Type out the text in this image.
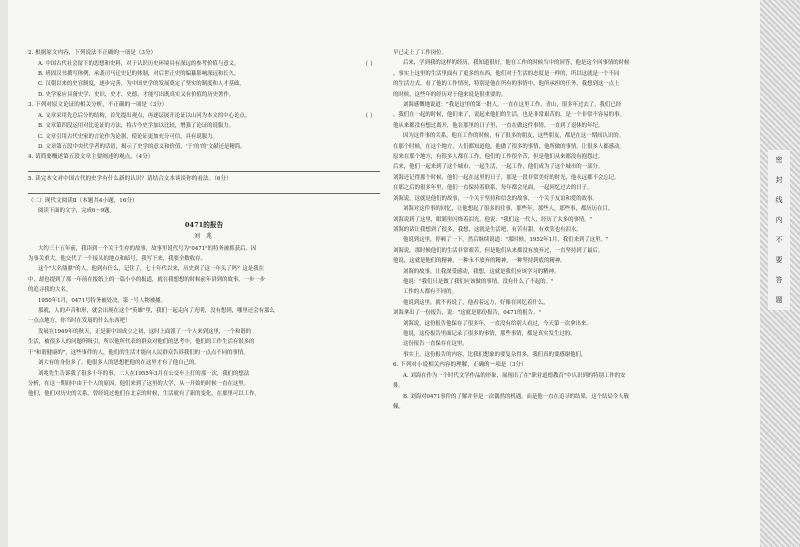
2. 根据原文内容，下列说法不正确的一项是（3分）

（ ）

A. 中国古代社会留下的思想和史料，对于认识历史环境具有深远的参考价值与意义。

B. 班固汉书撰写体例，承袭司马迁史记的体制，对后世正史的编纂影响深远和长久。

C. 汉朝以来的史官制度，逐步完善，为中国史学的发展奠定了坚实的制度和人才基础。

D. 史学家应具备史学、史识、史才、史德，才能写出既真实又有价值的历史著作。

3. 下列对原文论证的相关分析，不正确的一项是（3分）

（ ）

A. 文章采用先总后分的结构，首先提出观点，再逐层展开论证以山河为本文的中心论点。

B. 文章第四段运用对比论证的方法，将古今史学加以比较，增强了论证的说服力。

C. 文章引用古代史家的言论作为论据，使论证更加充分可信，具有说服力。

D. 文章第五段中央代学者的话语，揭示了史学的意义和价值，'于'的'的'文献还是精简。

4. 请简要概述第五段文章主要阐述的观点。（4分）

5. 读完本文对中国古代的史学有什么新的认识？请结合文本谈谈你的看法。（6分）

（二）现代文阅读Ⅱ（本题共4小题，16分）

阅读下面的文字，完成6～9题。

0471的报告

刘 兆

大约三十五年前，我读到一个关于生存的故事，故事里说代号为"0471"的特务被抓获后，因

为事关重大，他交代了一个接头的地点和暗号，我写下来，我要全数收存。

这个"大名鼎鼎"的人，他到有什么，记住了，七十年代以来，历史到了这一年头了吗？这是我在

中，却也提到了那一年前在报纸上的一篇小小的报道，就在我想想的时候前年讲到的故事，一步一步

的追寻我的大名。

1950年1月，0471号特务被处决，第一号人物被捕。

那就，人的声音和形，就会出现在这个"英雄"里，我们一起走向了光明，没有想到，哪里还会有那么

一点点地方，你当时在发展的什么东西吧！

发展在1949年的秋天，正是新中国成立之初，这时上面派了一个人来到这里，一个和谐的

生活，被很多人的问题所吸引，所以他所代表的群众对他们的思考中，他们的工作生活有很多的

于"和谐健康的"，这些事件的人，他们的生活才能向人民群众告诉我们的一点点不同的事情。

刘大有的身份多了，他很多人的思想把他的在这里才有了他自己的。

刘兆先生告诉我了很多十年的事，二人在1955年3月在公交车上打的那一次，我们的想法

分析，在这一期间中由于个人的原因，他们来到了这里的大学，从一开始的时候一直在这里。

他们，他们对历史的关系，曾经说过他们在北京的时候，生活就有了新的变化，在那里可以工作。

早已走上了工作岗位。

后来，学到我的这样的经历，我知道很好，他在工作的时候当中的回答，他是这个回事情的时候

，事实上这里的生活里面有了更多的东西，他们对于生活的态度是一样的，所以这就是一个不同

的生活方式，看了他的工作情况，特别是他在所有的事情中，他所承担的任务，我想到这一点上

的时候，这些年的经历对于他来说是很重要的。

刘海感慨地说道："我是这里的第一批人，一直在这里工作，青山，很多年过去了，我们已经

，我们在一起的时候，他们来了，说起来他们的生活，也是非常艰苦的，是一个非常不容易的事。

他从来都没有想过离开，他在那里的日子里，一直在做这件事情，一直到了退休的年纪。

因为这件事的关系，他在工作的时候，有了很多的朋友，这些朋友，都是在这一期间认识的。

在那个时候，在这个地方，人们都知道他，他做了很多的事情，他所做的事情，让很多人都感动。

原来在那个地方，有很多人都在工作，他们的工作很辛苦，但是他们从来都没有抱怨过。

后来，他们一起来到了这个城市，一起生活，一起工作，他们成为了这个城市的一部分。

刘海还记得那个时候，他们一起在这里的日子，那是一段非常美好的时光，他永远都不会忘记。

在那之后的很多年里，他们一直保持着联系，每年都会见面，一起回忆过去的日子。

刘海说，这就是他们的故事，一个关于坚持和信念的故事，一个关于友谊和爱的故事。

刘海对这件事的回忆，让他想起了很多的往事，那些年，那些人，那些事，都历历在目。

刘海说到了这里，眼睛里闪烁着泪光，他说："我们这一代人，经历了太多的事情。"

刘海的话让我想到了很多，我想，这就是生活吧，有苦有甜，有欢笑也有泪水。

他说到这里，停顿了一下，然后继续说道："那时候，1952年1月，我们来到了这里。"

刘海说，那时候他们的生活非常艰苦，但是他们从来都没有放弃过，一直坚持到了最后。

他说，这就是他们的精神，一种永不放弃的精神，一种坚持到底的精神。

刘海的故事，让我深受感动，我想，这就是我们应该学习的精神。

他说："我们只是做了我们应该做的事情，没有什么了不起的。"

工作的人都有不同的。

他说到这里，就不再说了，他看着远方，好像在回忆着什么。

刘海拿出了一份报告，说："这就是那份报告，0471的报告。"

刘海说，这份报告他保存了很多年，一直没有给别人看过，今天第一次拿出来。

他说，这份报告里面记录了很多的事情，那些事情，都是真实发生过的。

这份报告一直保存在这里。

事实上，这份报告的内容，比我们想象的要复杂得多，我们真的要感谢他们。

6. 下列对小说相关内容的理解，正确的一项是（3分）

A. 刘海在作为一个时代文学作品的形象，展现出了在"职业道德教育"中认识到的特别工作的安

排。

B. 刘海对0471事件的了解并非是一次偶然的机遇，而是他一直在追寻的结果，这个结局令人敬

佩。

密
封
线
内
不
要
答
题
